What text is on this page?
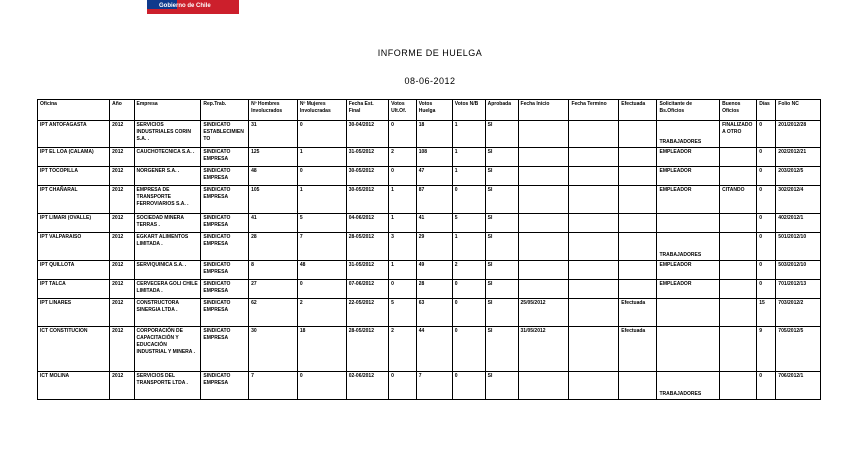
Gobierno de Chile
INFORME DE HUELGA
08-06-2012
Oficina	Año	Empresa	Rep.Trab.	Nº Hombres Involucrados	Nº Mujeres Involucradas	Fecha Est. Final	Votos Ult.Of.	Votos Huelga	Votos N/B	Aprobada	Fecha Inicio	Fecha Termino	Efectuada	Solicitante de Bs.Oficios	Buenos Oficios	Días	Folio NC
IPT ANTOFAGASTA	2012	SERVICIOS INDUSTRIALES CORIN S.A. .	SINDICATO ESTABLECIMIENTO	31	0	30-04/2012	0	18	1	SI				TRABAJADORES	FINALIZADO A OTRO	0	201/2012/28
IPT EL LOA (CALAMA)	2012	CAUCHOTECNICA S.A. .	SINDICATO EMPRESA	125	1	31-05/2012	2	108	1	SI				EMPLEADOR		0	202/2012/21
IPT TOCOPILLA	2012	NORGENER S.A. .	SINDICATO EMPRESA	48	0	30-05/2012	0	47	1	SI				EMPLEADOR		0	203/2012/5
IPT CHAÑARAL	2012	EMPRESA DE TRANSPORTE FERROVIARIOS S.A. .	SINDICATO EMPRESA	105	1	30-05/2012	1	87	0	SI				EMPLEADOR	CITANDO	0	302/2012/4
IPT LIMARI (OVALLE)	2012	SOCIEDAD MINERA TERRAS .	SINDICATO EMPRESA	41	5	04-06/2012	1	41	5	SI						0	402/2012/1
IPT VALPARAISO	2012	EGKART ALIMENTOS LIMITADA .	SINDICATO EMPRESA	28	7	28-05/2012	3	29	1	SI				TRABAJADORES		0	501/2012/10
IPT QUILLOTA	2012	SERVIQUINICA S.A. .	SINDICATO EMPRESA	8	48	31-05/2012	1	49	2	SI				EMPLEADOR		0	503/2012/10
IPT TALCA	2012	CERVECERA GOLI CHILE LIMITADA .	SINDICATO EMPRESA	27	0	07-06/2012	0	28	0	SI				EMPLEADOR		0	701/2012/13
IPT LINARES	2012	CONSTRUCTORA SINERGIA LTDA .	SINDICATO EMPRESA	62	2	22-05/2012	5	63	0	SI	25/05/2012		Efectuada			15	703/2012/2
ICT CONSTITUCION	2012	CORPORACIÓN DE CAPACITACIÓN Y EDUCACIÓN INDUSTRIAL Y MINERA .	SINDICATO EMPRESA	30	18	28-05/2012	2	44	0	SI	31/05/2012		Efectuada			9	705/2012/5
ICT MOLINA	2012	SERVICIOS DEL TRANSPORTE LTDA .	SINDICATO EMPRESA	7	0	02-06/2012	0	7	0	SI				TRABAJADORES		0	706/2012/1
